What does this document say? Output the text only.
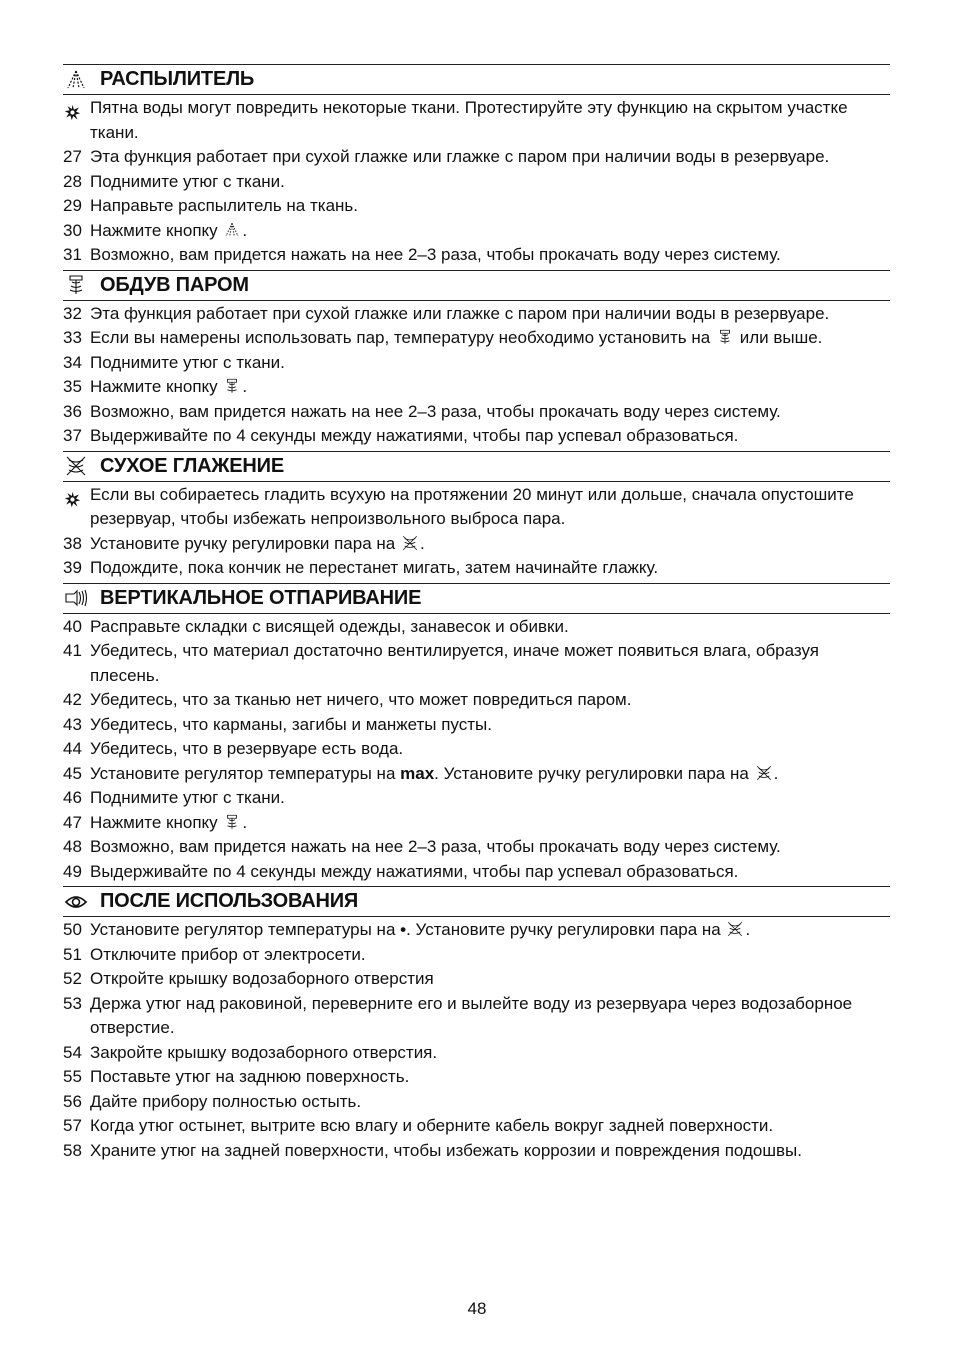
РАСПЫЛИТЕЛЬ

Пятна воды могут повредить некоторые ткани. Протестируйте эту функцию на скрытом участке ткани.

27 Эта функция работает при сухой глажке или глажке с паром при наличии воды в резервуаре.

28 Поднимите утюг с ткани.

29 Направьте распылитель на ткань.

30 Нажмите кнопку .

31 Возможно, вам придется нажать на нее 2–3 раза, чтобы прокачать воду через систему.

ОБДУВ ПАРОМ

32 Эта функция работает при сухой глажке или глажке с паром при наличии воды в резервуаре.

33 Если вы намерены использовать пар, температуру необходимо установить на  или выше.

34 Поднимите утюг с ткани.

35 Нажмите кнопку .

36 Возможно, вам придется нажать на нее 2–3 раза, чтобы прокачать воду через систему.

37 Выдерживайте по 4 секунды между нажатиями, чтобы пар успевал образоваться.

СУХОЕ ГЛАЖЕНИЕ

Если вы собираетесь гладить всухую на протяжении 20 минут или дольше, сначала опустошите резервуар, чтобы избежать непроизвольного выброса пара.

38 Установите ручку регулировки пара на .

39 Подождите, пока кончик не перестанет мигать, затем начинайте глажку.

ВЕРТИКАЛЬНОЕ ОТПАРИВАНИЕ

40 Расправьте складки с висящей одежды, занавесок и обивки.

41 Убедитесь, что материал достаточно вентилируется, иначе может появиться влага, образуя плесень.

42 Убедитесь, что за тканью нет ничего, что может повредиться паром.

43 Убедитесь, что карманы, загибы и манжеты пусты.

44 Убедитесь, что в резервуаре есть вода.

45 Установите регулятор температуры на max. Установите ручку регулировки пара на .

46 Поднимите утюг с ткани.

47 Нажмите кнопку .

48 Возможно, вам придется нажать на нее 2–3 раза, чтобы прокачать воду через систему.

49 Выдерживайте по 4 секунды между нажатиями, чтобы пар успевал образоваться.

ПОСЛЕ ИСПОЛЬЗОВАНИЯ

50 Установите регулятор температуры на •. Установите ручку регулировки пара на .

51 Отключите прибор от электросети.

52 Откройте крышку водозаборного отверстия

53 Держа утюг над раковиной, переверните его и вылейте воду из резервуара через водозаборное отверстие.

54 Закройте крышку водозаборного отверстия.

55 Поставьте утюг на заднюю поверхность.

56 Дайте прибору полностью остыть.

57 Когда утюг остынет, вытрите всю влагу и оберните кабель вокруг задней поверхности.

58 Храните утюг на задней поверхности, чтобы избежать коррозии и повреждения подошвы.

48
